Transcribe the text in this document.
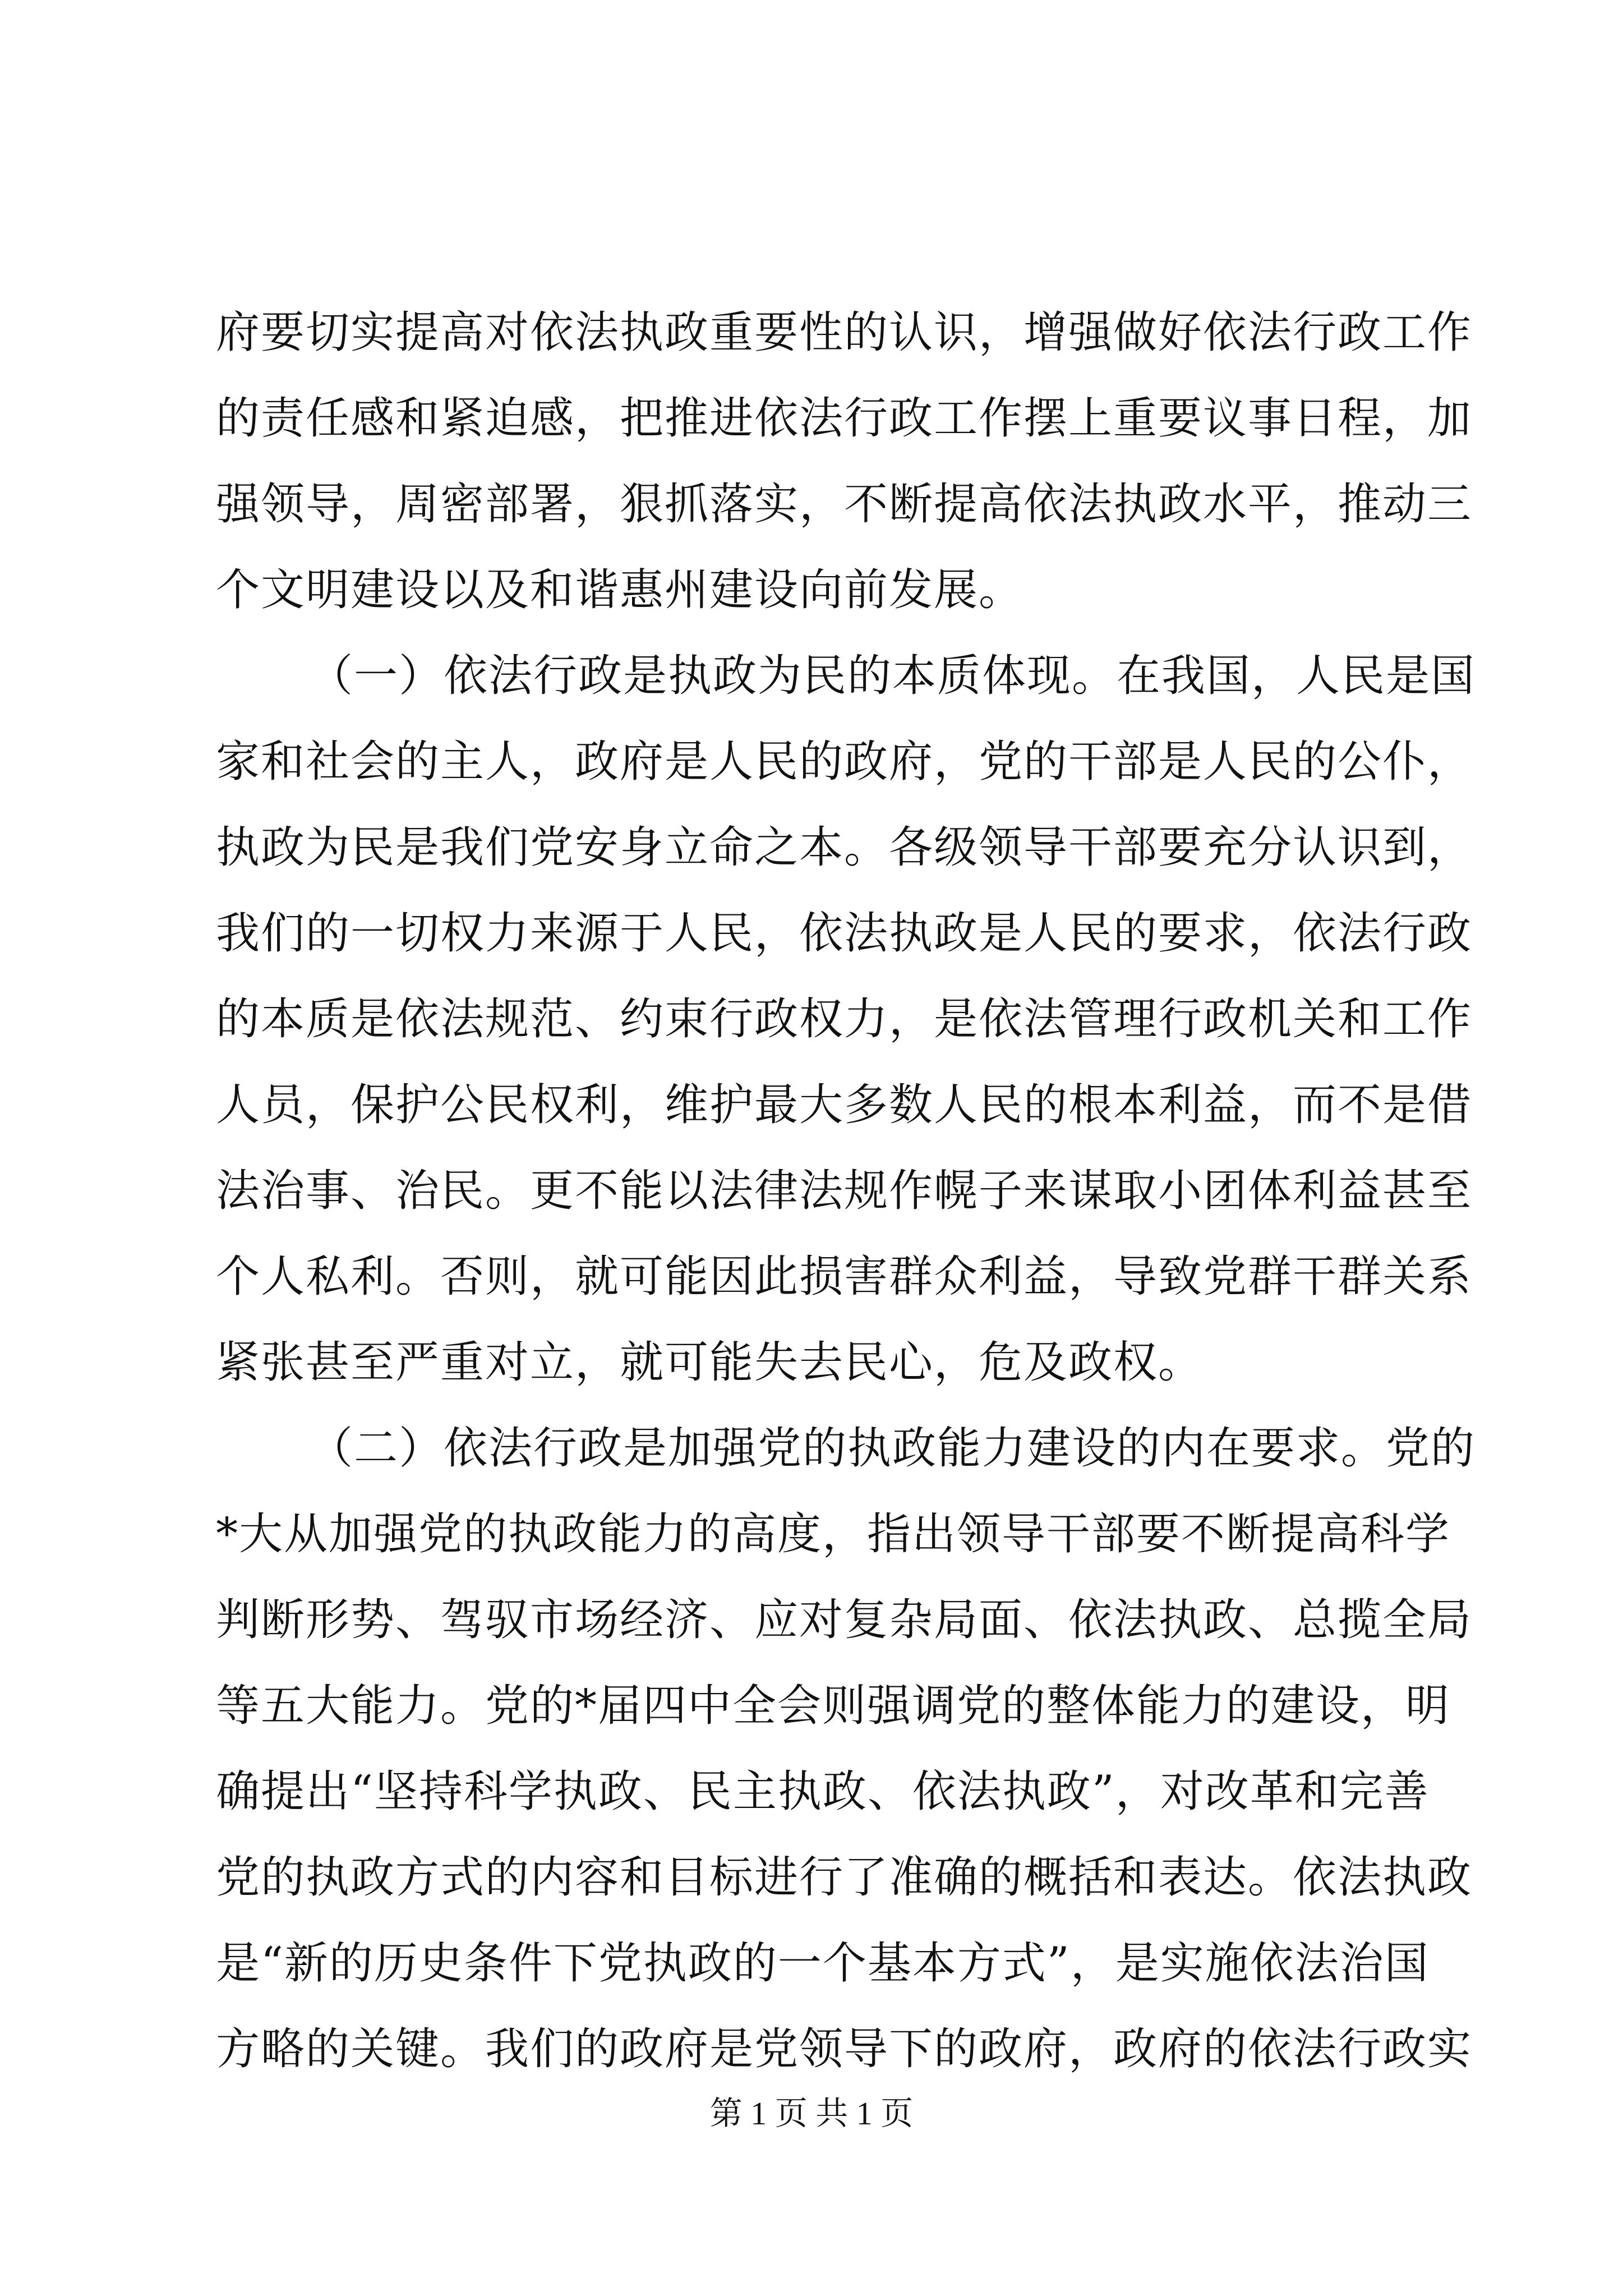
府要切实提高对依法执政重要性的认识，增强做好依法行政工作
的责任感和紧迫感，把推进依法行政工作摆上重要议事日程，加
强领导，周密部署，狠抓落实，不断提高依法执政水平，推动三
个文明建设以及和谐惠州建设向前发展。
（一）依法行政是执政为民的本质体现。在我国，人民是国
家和社会的主人，政府是人民的政府，党的干部是人民的公仆，
执政为民是我们党安身立命之本。各级领导干部要充分认识到，
我们的一切权力来源于人民，依法执政是人民的要求，依法行政
的本质是依法规范、约束行政权力，是依法管理行政机关和工作
人员，保护公民权利，维护最大多数人民的根本利益，而不是借
法治事、治民。更不能以法律法规作幌子来谋取小团体利益甚至
个人私利。否则，就可能因此损害群众利益，导致党群干群关系
紧张甚至严重对立，就可能失去民心，危及政权。
（二）依法行政是加强党的执政能力建设的内在要求。党的
*大从加强党的执政能力的高度，指出领导干部要不断提高科学
判断形势、驾驭市场经济、应对复杂局面、依法执政、总揽全局
等五大能力。党的*届四中全会则强调党的整体能力的建设，明
确提出“坚持科学执政、民主执政、依法执政”，对改革和完善
党的执政方式的内容和目标进行了准确的概括和表达。依法执政
是“新的历史条件下党执政的一个基本方式”，是实施依法治国
方略的关键。我们的政府是党领导下的政府，政府的依法行政实
第 1 页 共 1 页
